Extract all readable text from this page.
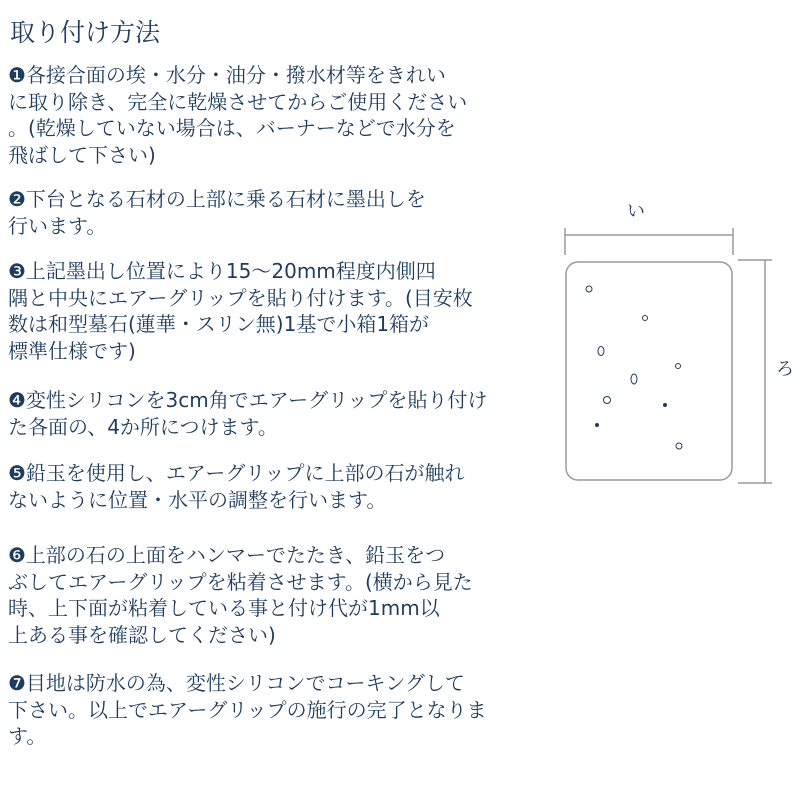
取り付け方法
❶各接合面の埃・水分・油分・撥水材等をきれい
に取り除き、完全に乾燥させてからご使用ください
。(乾燥していない場合は、バーナーなどで水分を
飛ばして下さい)
❷下台となる石材の上部に乗る石材に墨出しを
行います。
❸上記墨出し位置により15～20mm程度内側四
隅と中央にエアーグリップを貼り付けます。(目安枚
数は和型墓石(蓮華・スリン無)1基で小箱1箱が
標準仕様です)
❹変性シリコンを3cm角でエアーグリップを貼り付け
た各面の、4か所につけます。
❺鉛玉を使用し、エアーグリップに上部の石が触れ
ないように位置・水平の調整を行います。
❻上部の石の上面をハンマーでたたき、鉛玉をつ
ぶしてエアーグリップを粘着させます。(横から見た
時、上下面が粘着している事と付け代が1mm以
上ある事を確認してください)
❼目地は防水の為、変性シリコンでコーキングして
下さい。以上でエアーグリップの施行の完了となりま
す。
い
ろ
